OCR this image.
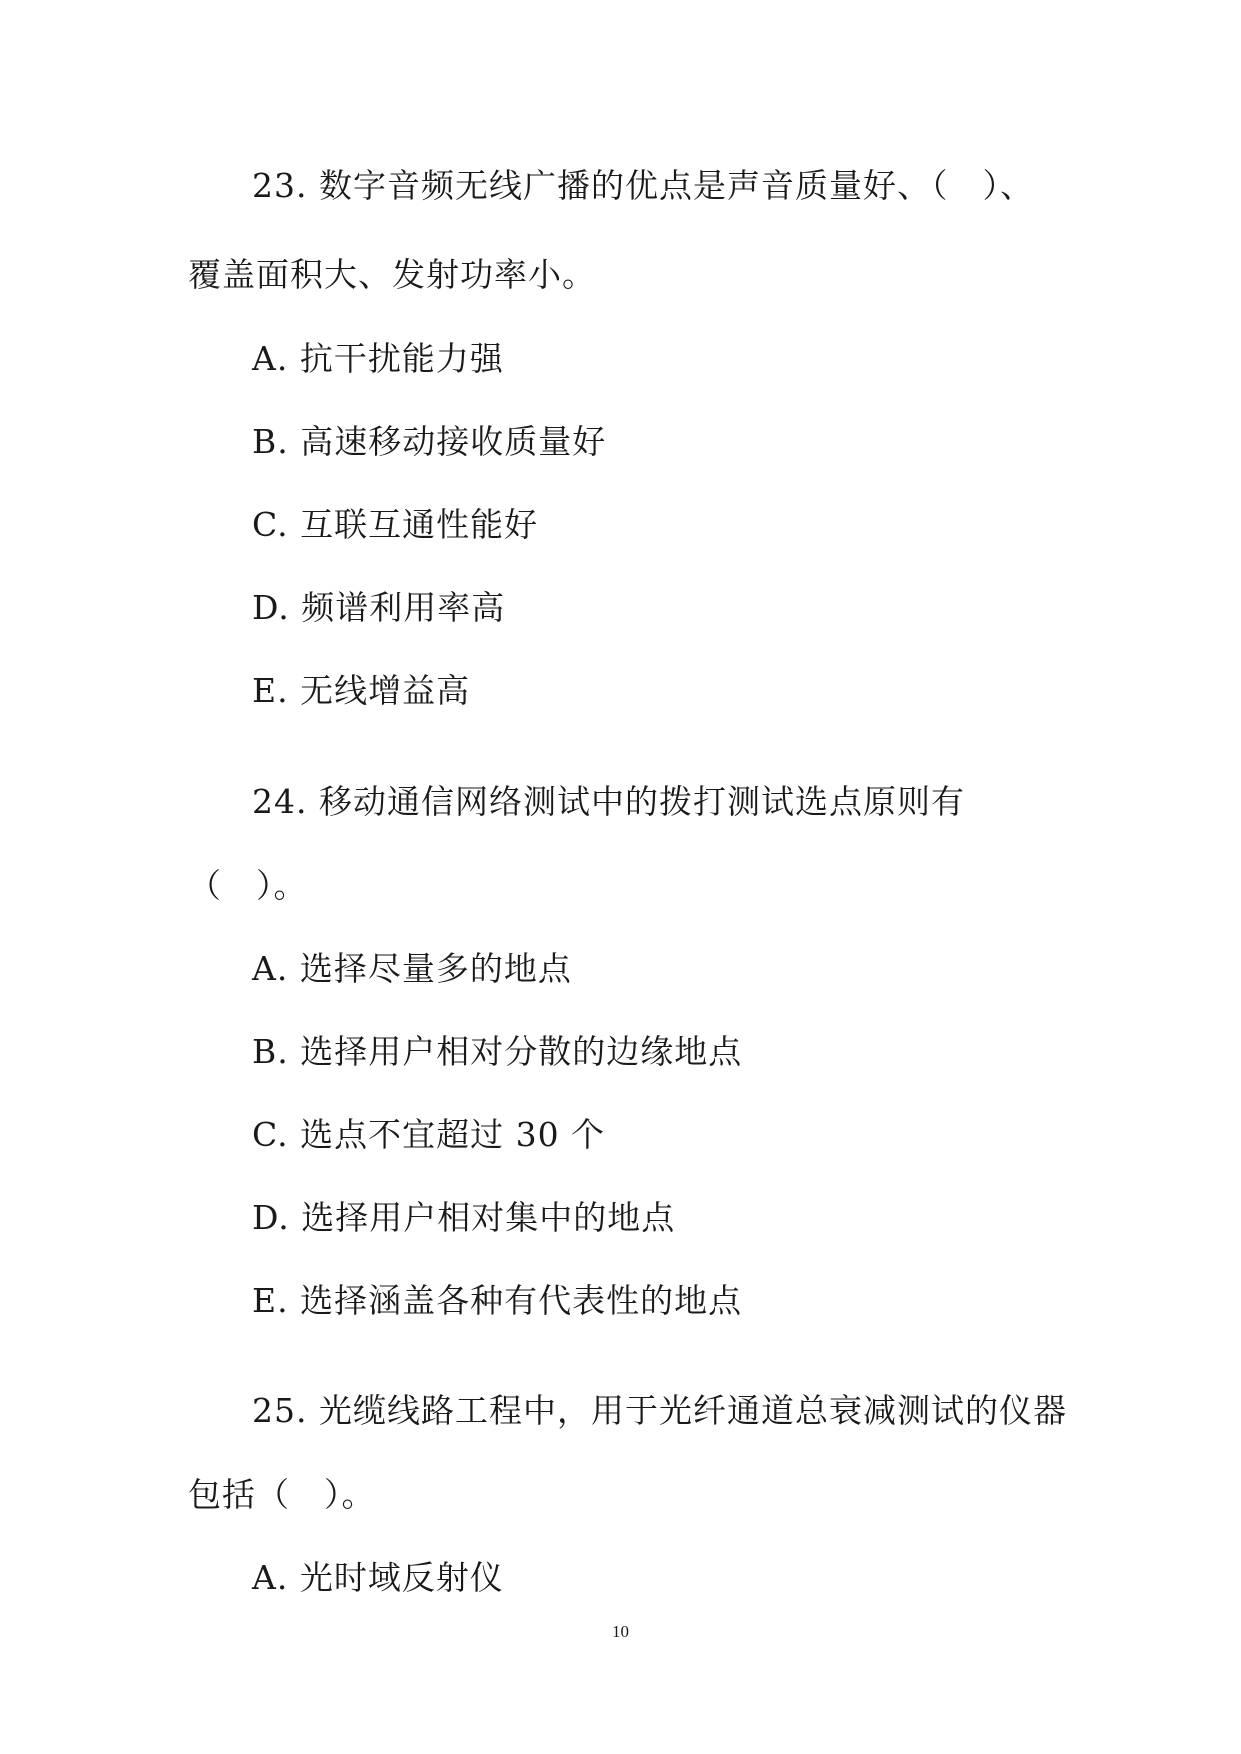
23. 数字音频无线广播的优点是声音质量好、（　）、
覆盖面积大、发射功率小。
A. 抗干扰能力强
B. 高速移动接收质量好
C. 互联互通性能好
D. 频谱利用率高
E. 无线增益高
24. 移动通信网络测试中的拨打测试选点原则有
（　）。
A. 选择尽量多的地点
B. 选择用户相对分散的边缘地点
C. 选点不宜超过 30 个
D. 选择用户相对集中的地点
E. 选择涵盖各种有代表性的地点
25. 光缆线路工程中，用于光纤通道总衰减测试的仪器
包括（　）。
A. 光时域反射仪
10
